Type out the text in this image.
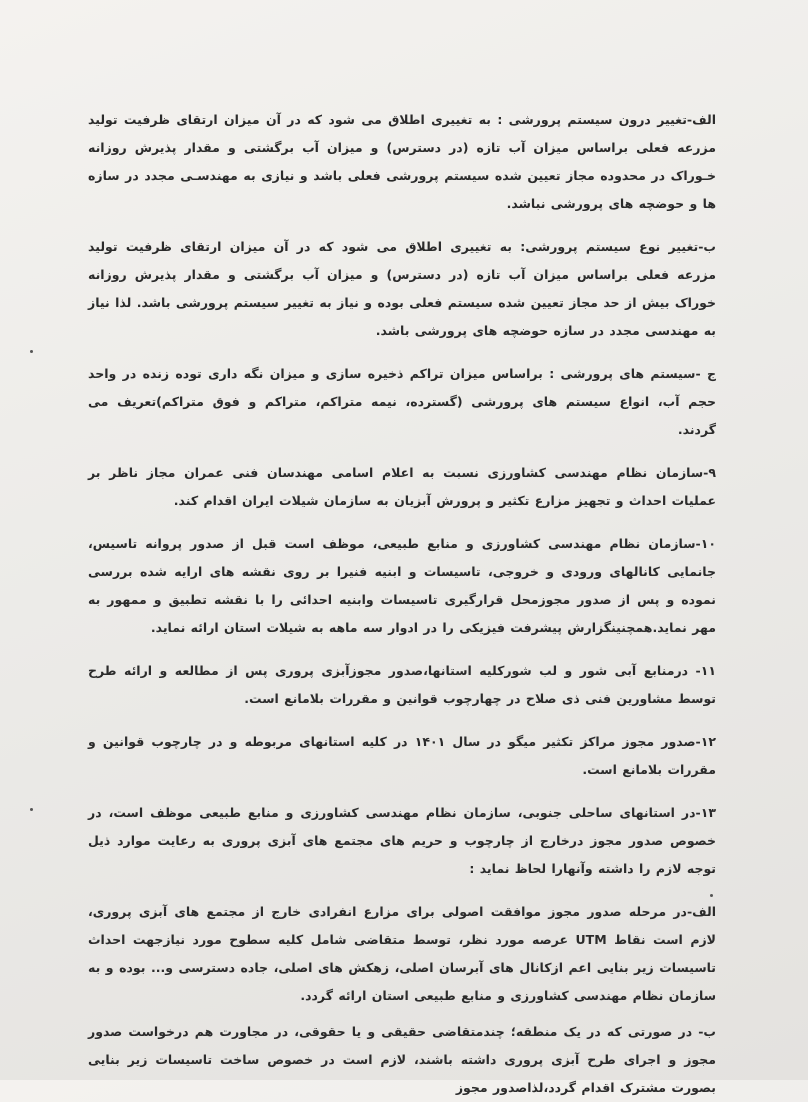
الف-تغییر درون سیستم پرورشی : به تغییری اطلاق می شود که در آن میزان ارتقای ظرفیت تولید مزرعه فعلی براساس میزان آب تازه (در دسترس) و میزان آب برگشتی و مقدار پذیرش روزانه خـوراک در محدوده مجاز تعیین شده سیستم پرورشی فعلی باشد و نیازی به مهندسـی مجدد در سازه ها و حوضچه های پرورشی نباشد.

ب-تغییر نوع سیستم پرورشی: به تغییری اطلاق می شود که در آن میزان ارتقای ظرفیت تولید مزرعه فعلی براساس میزان آب تازه (در دسترس) و میزان آب برگشتی و مقدار پذیرش روزانه خوراک بیش از حد مجاز تعیین شده سیستم فعلی بوده و نیاز به تغییر سیستم پرورشی باشد. لذا نیاز به مهندسی مجدد در سازه حوضچه های پرورشی باشد.

ج -سیستم های پرورشی : براساس میزان تراکم ذخیره سازی و میزان نگه داری توده زنده در واحد حجم آب، انواع سیستم های پرورشی (گسترده، نیمه متراکم، متراکم و فوق متراکم)تعریف می گردند.

۹-سازمان نظام مهندسی کشاورزی نسبت به اعلام اسامی مهندسان فنی عمران مجاز ناظر بر عملیات احداث و تجهیز مزارع تکثیر و پرورش آبزیان به سازمان شیلات ایران اقدام کند.

۱۰-سازمان نظام مهندسی کشاورزی و منابع طبیعی، موظف است قبل از صدور پروانه تاسیس، جانمایی کانالهای ورودی و خروجی، تاسیسات و ابنیه فنیرا بر روی نقشه های ارایه شده بررسی نموده و پس از صدور مجوزمحل قرارگیری تاسیسات وابنیه احدائی را با نقشه تطبیق و ممهور به مهر نماید.همچنینگزارش پیشرفت فیزیکی را در ادوار سه ماهه به شیلات استان ارائه نماید.

۱۱- درمنابع آبی شور و لب شورکلیه استانها،صدور مجوزآبزی پروری پس از مطالعه و ارائه طرح توسط مشاورین فنی ذی صلاح در چهارچوب قوانین و مقررات بلامانع است.

۱۲-صدور مجوز مراکز تکثیر میگو در سال ۱۴۰۱ در کلیه استانهای مربوطه و در چارچوب قوانین و مقررات بلامانع است.

۱۳-در استانهای ساحلی جنوبی، سازمان نظام مهندسی کشاورزی و منابع طبیعی موظف است، در خصوص صدور مجوز درخارج از چارچوب و حریم های مجتمع های آبزی پروری به رعایت موارد ذیل توجه لازم را داشته وآنهارا لحاظ نماید :

الف-در مرحله صدور مجوز موافقت اصولی برای مزارع انفرادی خارج از مجتمع های آبزی پروری، لازم است نقاط UTM عرصه مورد نظر، توسط متقاضی شامل کلیه سطوح مورد نیازجهت احداث تاسیسات زیر بنایی اعم ازکانال های آبرسان اصلی، زهکش های اصلی، جاده دسترسی و... بوده و به سازمان نظام مهندسی کشاورزی و منابع طبیعی استان ارائه گردد.

ب- در صورتی که در یک منطقه؛ چندمتقاضی حقیقی و یا حقوقی، در مجاورت هم درخواست صدور مجوز و اجرای طرح آبزی پروری داشته باشند، لازم است در خصوص ساخت تاسیسات زیر بنایی بصورت مشترک اقدام گردد،لذاصدور مجوز
